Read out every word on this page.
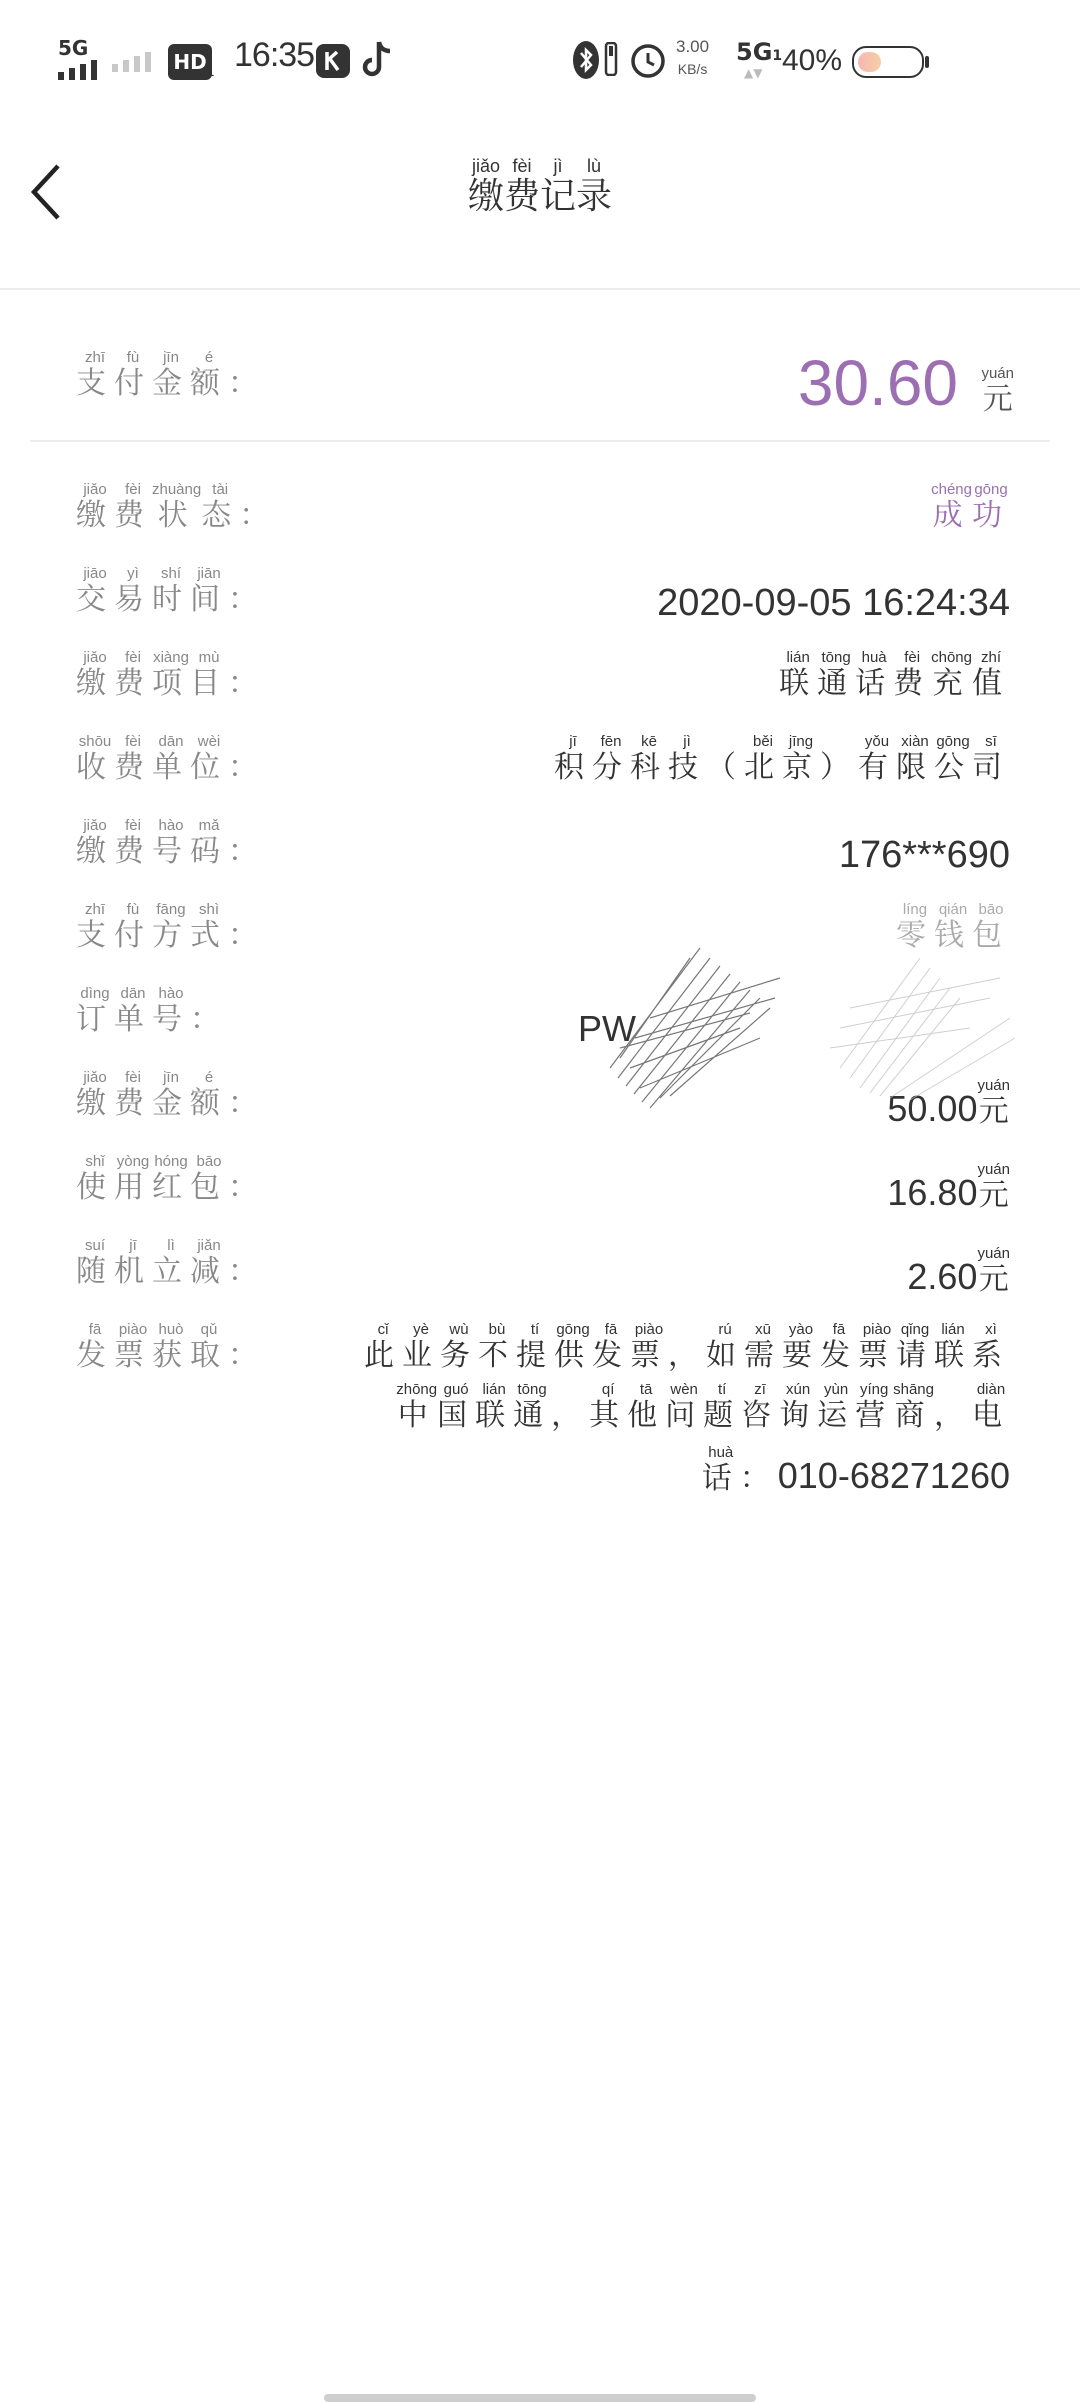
5G
HD 1 16:35	3.00
KB/s
5G1
▲▼ 40%
缴jiǎo费fèi记jì录lù
支zhī付fù金jīn额é：	30.60 元yuán
缴jiǎo费fèi状zhuàng态tài：	成chéng功gōng
交jiāo易yì时shí间jiān：	2020-09-05 16:24:34
缴jiǎo费fèi项xiàng目mù：	联lián通tōng话huà费fèi充chōng值zhí
收shōu费fèi单dān位wèi：	积jī分fēn科kē技jì（ 北běi京jīng） 有yǒu限xiàn公gōng司sī
缴jiǎo费fèi号hào码mǎ：	176***690
支zhī付fù方fāng式shì：	零líng钱qián包bāo
订dìng单dān号hào：	PW
缴jiǎo费fèi金jīn额é：	50.00元yuán
使shǐ用yòng红hóng包bāo：	16.80元yuán
随suí机jī立lì减jiǎn：	2.60元yuán
发fā票piào获huò取qǔ：	此cǐ业yè务wù不bù提tí供gōng发fā票piào， 如rú需xū要yào发fā票piào请qǐng联lián系xì中zhōng国guó联lián通tōng， 其qí他tā问wèn题tí咨zī询xún运yùn营yíng商shāng， 电diàn话huà： 010-68271260
